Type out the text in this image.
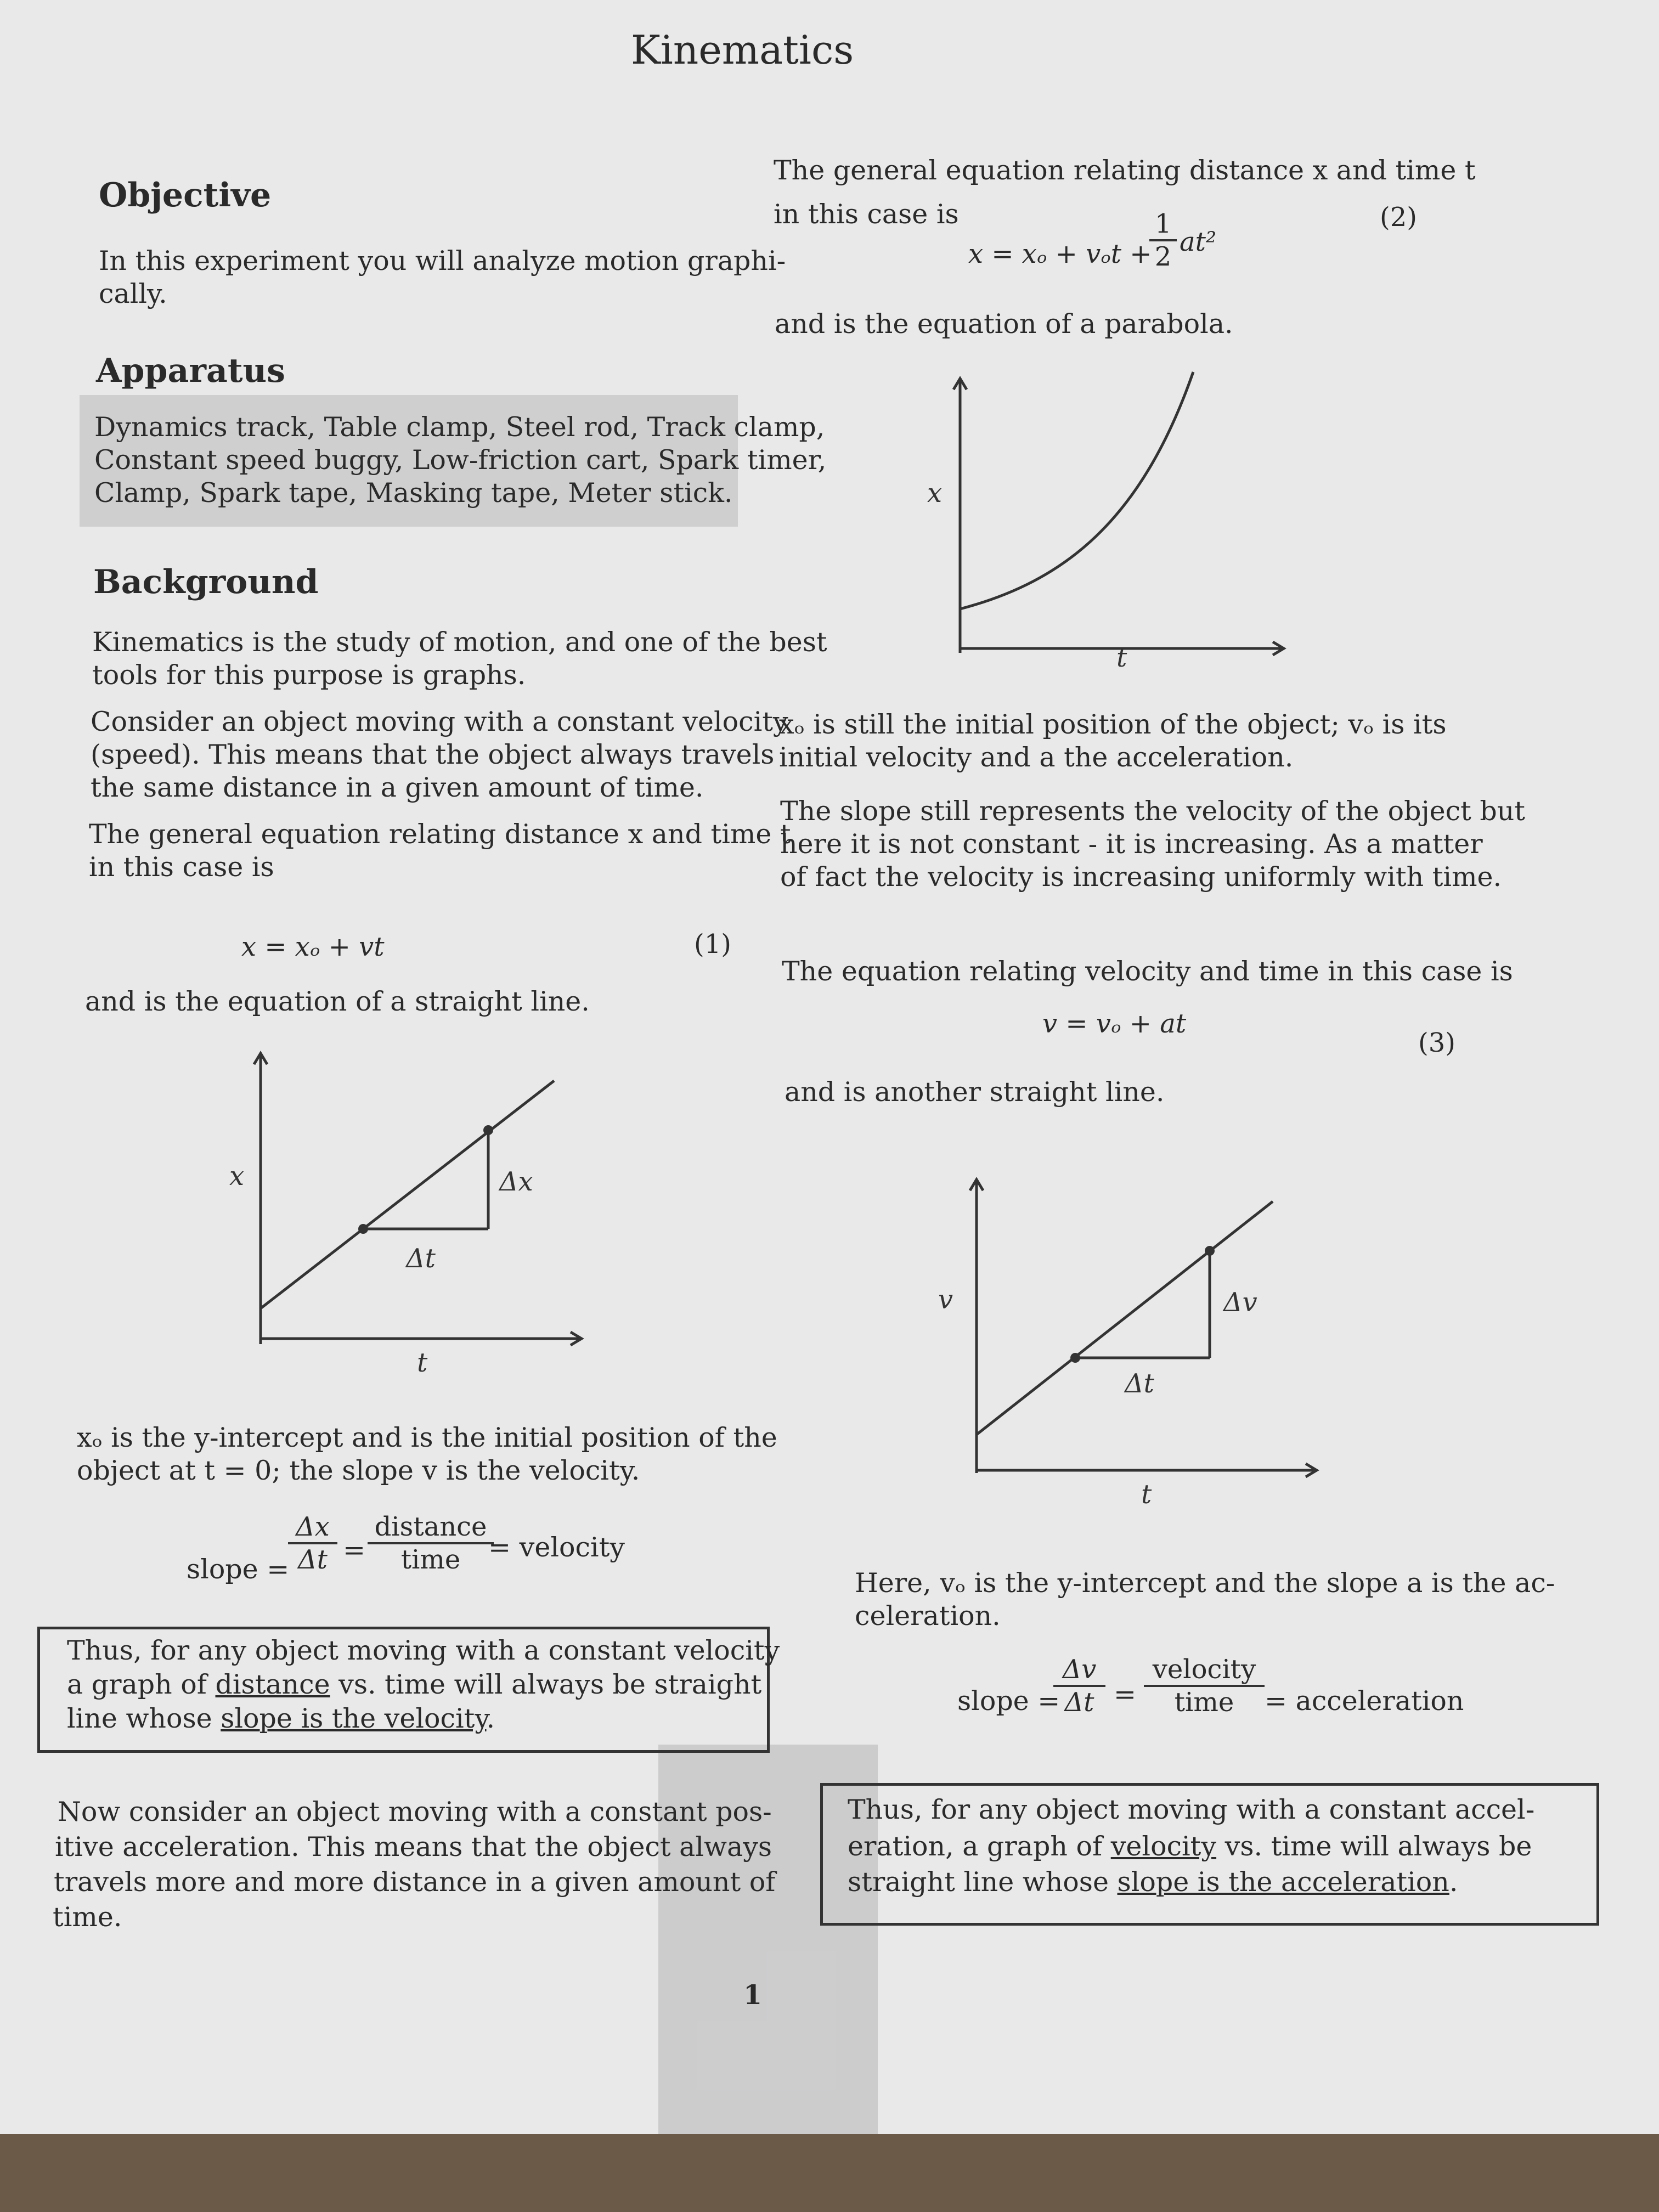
Kinematics
Objective
In this experiment you will analyze motion graphi-
cally.
Apparatus
Dynamics track, Table clamp, Steel rod, Track clamp,
Constant speed buggy, Low-friction cart, Spark timer,
Clamp, Spark tape, Masking tape, Meter stick.
Background
Kinematics is the study of motion, and one of the best
tools for this purpose is graphs.
Consider an object moving with a constant velocity
(speed). This means that the object always travels
the same distance in a given amount of time.
The general equation relating distance x and time t
in this case is
x = xₒ + vt	(1)
and is the equation of a straight line.
x
t
Δx
Δt
xₒ is the y-intercept and is the initial position of the
object at t = 0; the slope v is the velocity.
slope =
$\frac{\Delta x}{\Delta t}$ =
distance
time	= velocity
Thus, for any object moving with a constant velocity
a graph of distance vs. time will always be straight
line whose slope is the velocity.
Now consider an object moving with a constant pos-
itive acceleration. This means that the object always
travels more and more distance in a given amount of
time.
The general equation relating distance x and time t
in this case is
x = xₒ + vₒt +
$\frac{1}{2} at^2$
(2)
and is the equation of a parabola.
x
t
xₒ is still the initial position of the object; vₒ is its
initial velocity and a the acceleration.
The slope still represents the velocity of the object but
here it is not constant - it is increasing. As a matter
of fact the velocity is increasing uniformly with time.
The equation relating velocity and time in this case is
v = vₒ + at
(3)
and is another straight line.
v
t
Δv
Δt
Here, vₒ is the y-intercept and the slope a is the ac-
celeration.
slope =
$\frac{\Delta v}{\Delta t}$ =
velocity
time	= acceleration
Thus, for any object moving with a constant accel-
eration, a graph of velocity vs. time will always be
straight line whose slope is the acceleration.
1
